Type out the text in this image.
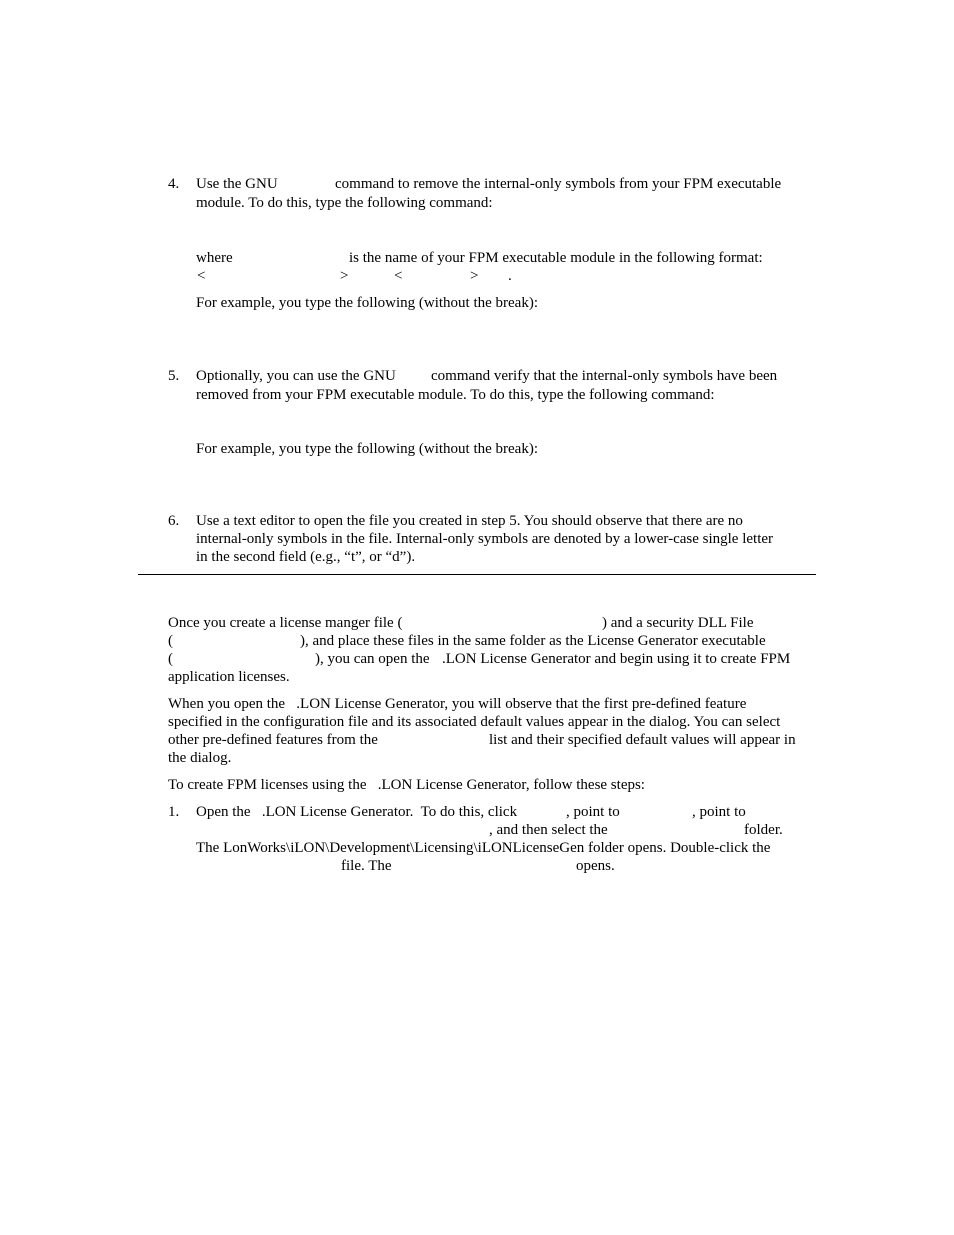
4. Use the GNU	command to remove the internal-only symbols from your FPM executable
module. To do this, type the following command:
where	is the name of your FPM executable module in the following format:
<	>	<	> .
For example, you type the following (without the break):
5. Optionally, you can use the GNU command verify that the internal-only symbols have been
removed from your FPM executable module. To do this, type the following command:
For example, you type the following (without the break):
6. Use a text editor to open the file you created in step 5. You should observe that there are no
internal-only symbols in the file. Internal-only symbols are denoted by a lower-case single letter
in the second field (e.g., “t”, or “d”).
Once you create a license manger file (	) and a security DLL File
(	), and place these files in the same folder as the License Generator executable
(	), you can open the .LON License Generator and begin using it to create FPM
application licenses.
When you open the   .LON License Generator, you will observe that the first pre-defined feature
specified in the configuration file and its associated default values appear in the dialog. You can select
other pre-defined features from the	list and their specified default values will appear in
the dialog.
To create FPM licenses using the   .LON License Generator, follow these steps:
1. Open the   .LON License Generator.  To do this, click	, point to	, point to
, and then select the	folder.
The LonWorks\iLON\Development\Licensing\iLONLicenseGen folder opens. Double-click the
file. The	opens.
